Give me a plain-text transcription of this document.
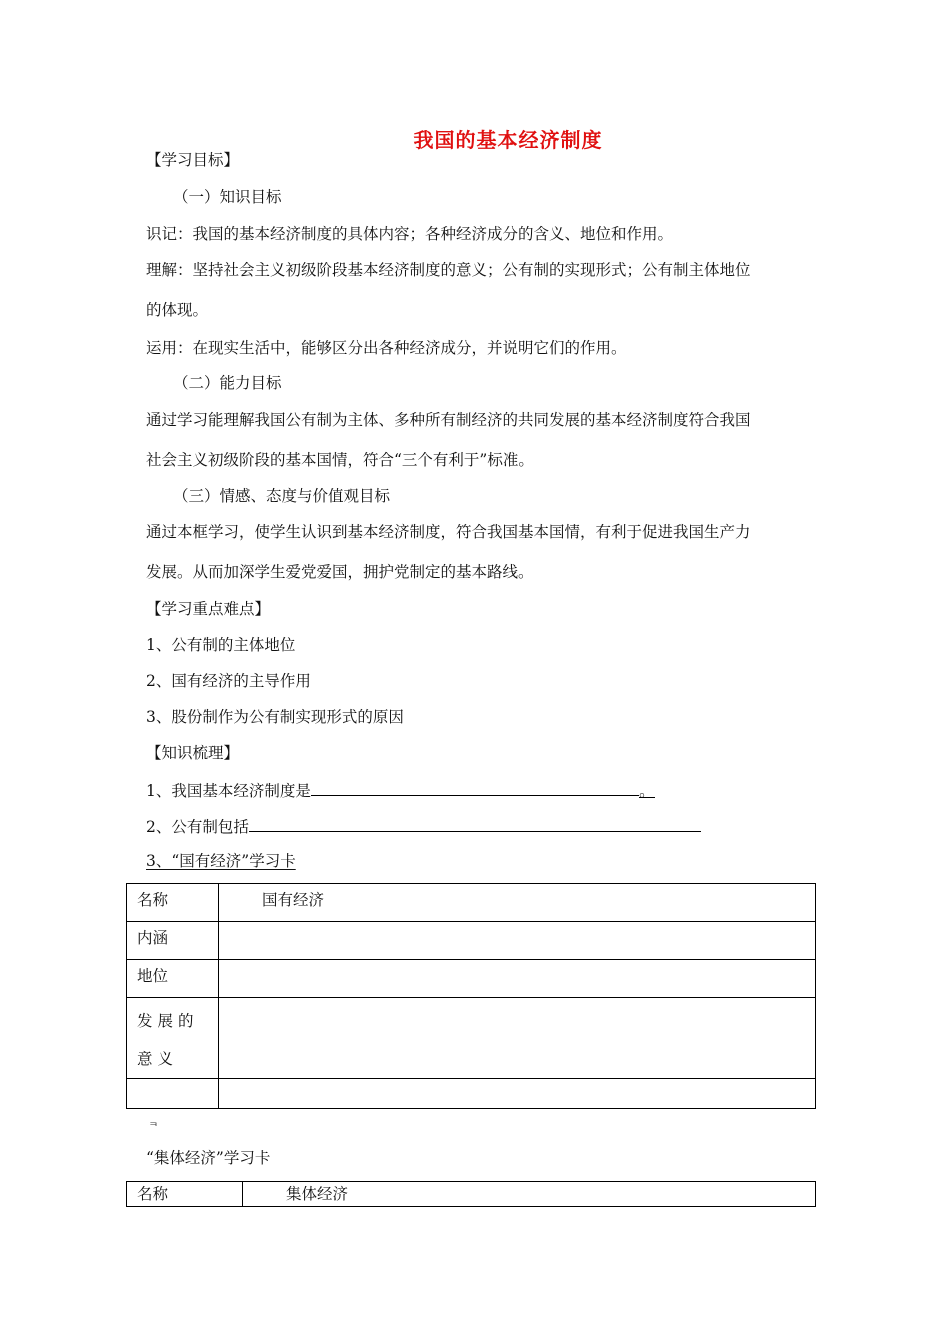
我国的基本经济制度
【学习目标】
（一）知识目标
识记：我国的基本经济制度的具体内容；各种经济成分的含义、地位和作用。
理解：坚持社会主义初级阶段基本经济制度的意义；公有制的实现形式；公有制主体地位
的体现。
运用：在现实生活中，能够区分出各种经济成分，并说明它们的作用。
（二）能力目标
通过学习能理解我国公有制为主体、多种所有制经济的共同发展的基本经济制度符合我国
社会主义初级阶段的基本国情，符合“三个有利于”标准。
（三）情感、态度与价值观目标
通过本框学习，使学生认识到基本经济制度，符合我国基本国情，有利于促进我国生产力
发展。从而加深学生爱党爱国，拥护党制定的基本路线。
【学习重点难点】
1、公有制的主体地位
2、国有经济的主导作用
3、股份制作为公有制实现形式的原因
【知识梳理】
1、我国基本经济制度是	。
2、公有制包括
3、“国有经济”学习卡
名称	国有经济
内涵	
地位	
发展的意义	

⫬
“集体经济”学习卡
名称	集体经济
